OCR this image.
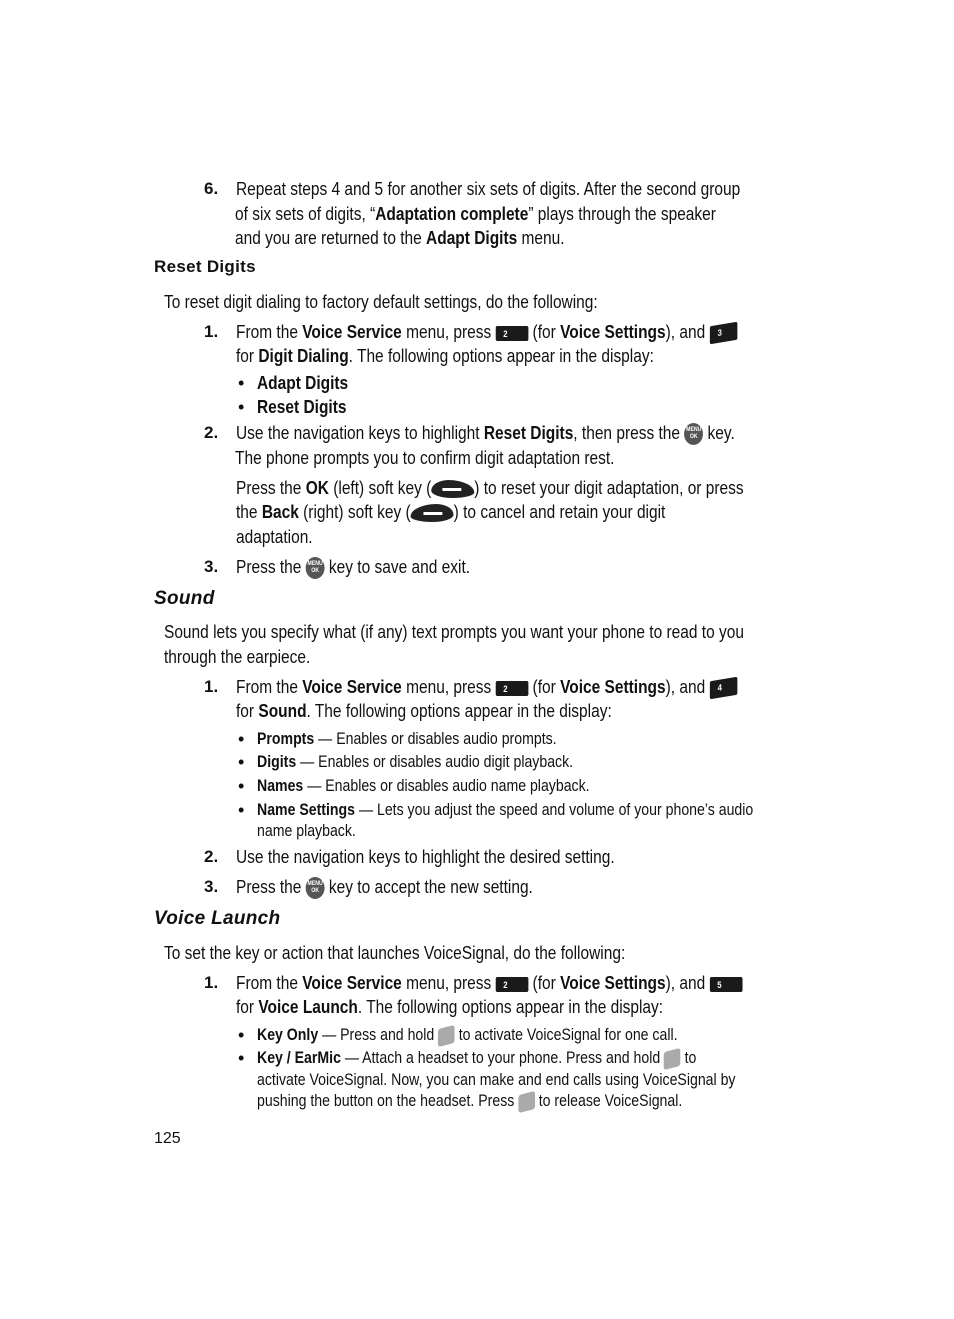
6. Repeat steps 4 and 5 for another six sets of digits. After the second group
of six sets of digits, “Adaptation complete” plays through the speaker
and you are returned to the Adapt Digits menu.
Reset Digits
To reset digit dialing to factory default settings, do the following:
1. From the Voice Service menu, press 2 (for Voice Settings), and 3
for Digit Dialing. The following options appear in the display:
• Adapt Digits
• Reset Digits
2. Use the navigation keys to highlight Reset Digits, then press the MENU
OK key.
The phone prompts you to confirm digit adaptation rest.
Press the OK (left) soft key ( ) to reset your digit adaptation, or press
the Back (right) soft key ( ) to cancel and retain your digit
adaptation.
3. Press the MENU
OK key to save and exit.
Sound
Sound lets you specify what (if any) text prompts you want your phone to read to you
through the earpiece.
1. From the Voice Service menu, press 2 (for Voice Settings), and 4
for Sound. The following options appear in the display:
• Prompts — Enables or disables audio prompts.
• Digits — Enables or disables audio digit playback.
• Names — Enables or disables audio name playback.
• Name Settings — Lets you adjust the speed and volume of your phone’s audio
name playback.
2. Use the navigation keys to highlight the desired setting.
3. Press the MENU
OK key to accept the new setting.
Voice Launch
To set the key or action that launches VoiceSignal, do the following:
1. From the Voice Service menu, press 2 (for Voice Settings), and 5
for Voice Launch. The following options appear in the display:
• Key Only — Press and hold  to activate VoiceSignal for one call.
• Key / EarMic — Attach a headset to your phone. Press and hold  to
activate VoiceSignal. Now, you can make and end calls using VoiceSignal by
pushing the button on the headset. Press  to release VoiceSignal.
125
